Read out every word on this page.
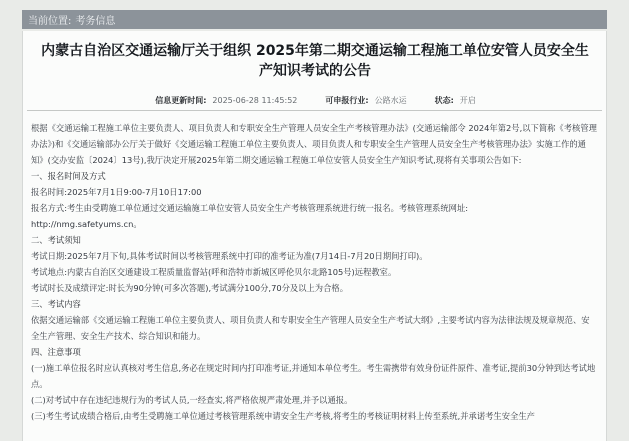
当前位置: 考务信息
内蒙古自治区交通运输厅关于组织 2025年第二期交通运输工程施工单位安管人员安全生产知识考试的公告
信息更新时间: 2025-06-28 11:45:52	可申报行业: 公路水运	状态: 开启

根据《交通运输工程施工单位主要负责人、项目负责人和专职安全生产管理人员安全生产考核管理办法》(交通运输部令 2024年第2号,以下简称《考核管理办法》)和《交通运输部办公厅关于做好《交通运输工程施工单位主要负责人、项目负责人和专职安全生产管理人员安全生产考核管理办法》实施工作的通知》(交办安监〔2024〕13号),我厅决定开展2025年第二期交通运输工程施工单位安管人员安全生产知识考试,现将有关事项公告如下:

一、报名时间及方式

报名时间:2025年7月1日9:00-7月10日17:00

报名方式:考生由受聘施工单位通过交通运输施工单位安管人员安全生产考核管理系统进行统一报名。考核管理系统网址:

http://nmg.safetyums.cn。

二、考试须知

考试日期:2025年7月下旬,具体考试时间以考核管理系统中打印的准考证为准(7月14日-7月20日期间打印)。

考试地点:内蒙古自治区交通建设工程质量监督站(呼和浩特市新城区呼伦贝尔北路105号)远程教室。

考试时长及成绩评定:时长为90分钟(可多次答题),考试满分100分,70分及以上为合格。

三、考试内容

依据交通运输部《交通运输工程施工单位主要负责人、项目负责人和专职安全生产管理人员安全生产考试大纲》,主要考试内容为法律法规及规章规范、安全生产管理、安全生产技术、综合知识和能力。

四、注意事项

(一)施工单位报名时应认真核对考生信息,务必在规定时间内打印准考证,并通知本单位考生。考生需携带有效身份证件原件、准考证,提前30分钟到达考试地点。

(二)对考试中存在违纪违规行为的考试人员,一经查实,将严格依规严肃处理,并予以通报。

(三)考生考试成绩合格后,由考生受聘施工单位通过考核管理系统申请安全生产考核,将考生的考核证明材料上传至系统,并承诺考生安全生产
